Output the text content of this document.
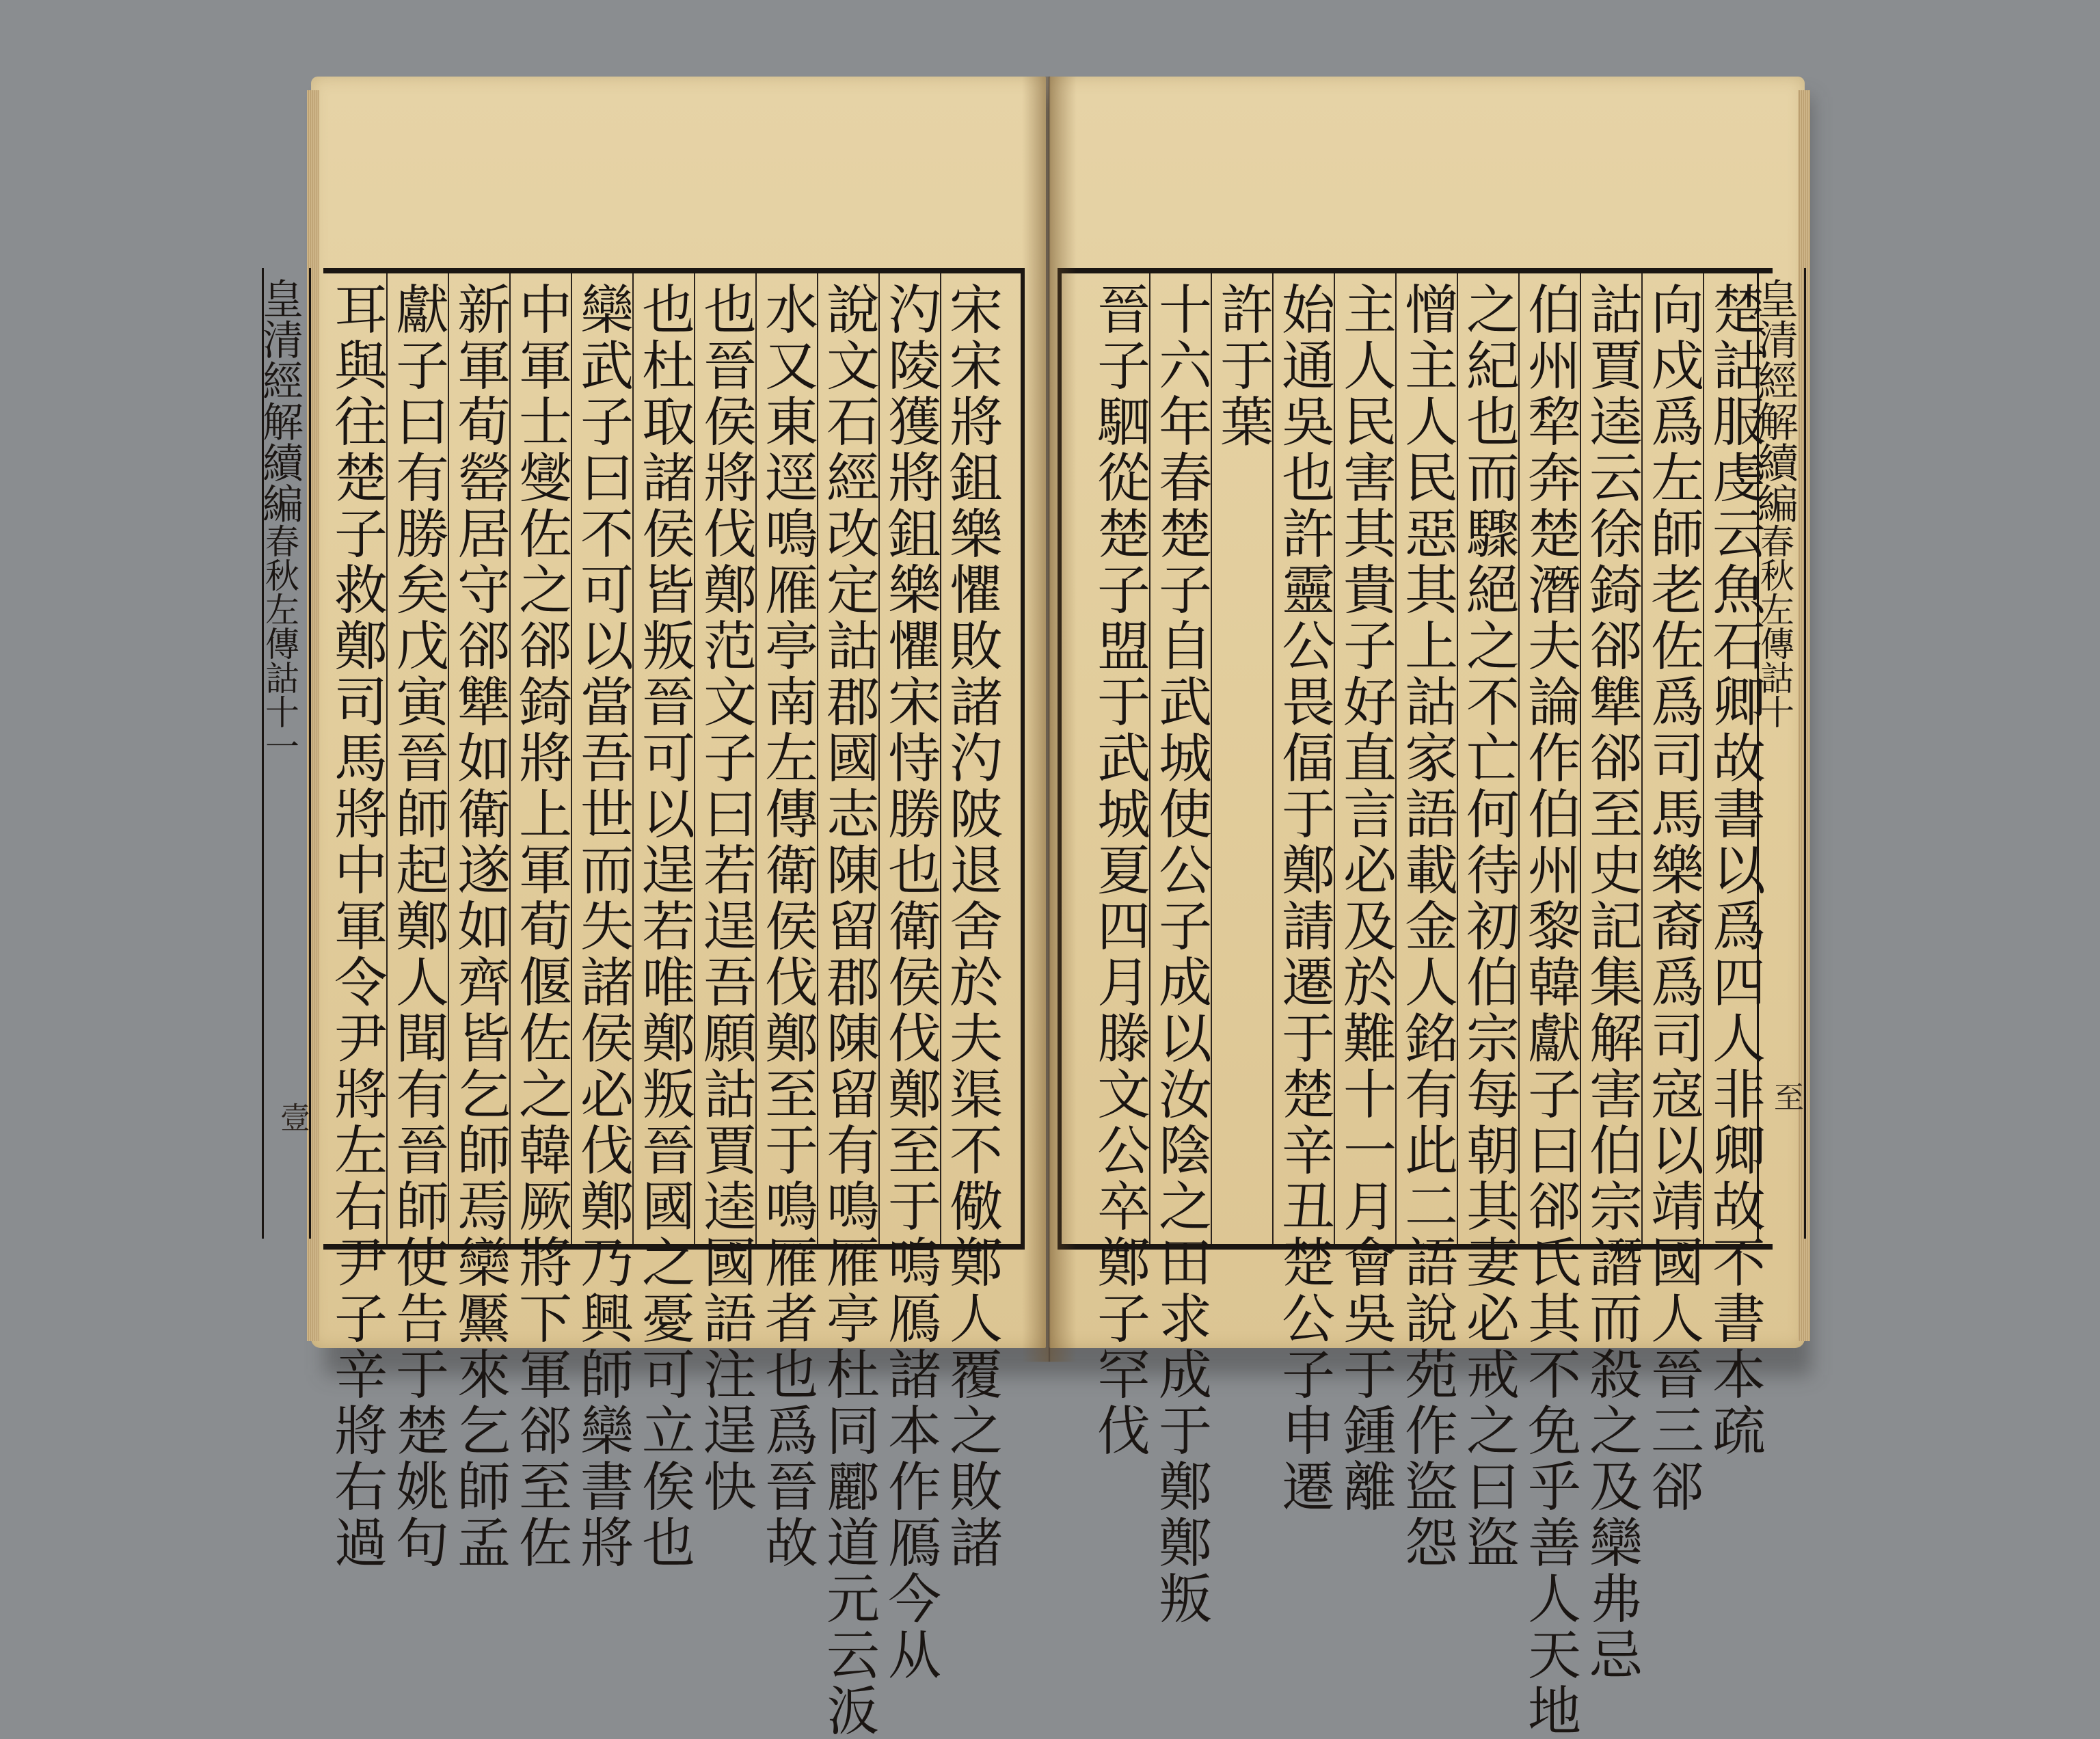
宋宋將鉏樂懼敗諸汋陂退舍於夫渠不儆鄭人覆之敗諸
汋陵獲將鉏樂懼宋恃勝也衛侯伐鄭至于鳴鴈諸本作鴈今从
說文石經改定詁郡國志陳留郡陳留有鳴雁亭杜同酈道元云汳
水又東逕鳴雁亭南左傳衛侯伐鄭至于鳴雁者也爲晉故
也晉侯將伐鄭范文子曰若逞吾願詁賈逵國語注逞快
也杜取諸侯皆叛晉可以逞若唯鄭叛晉國之憂可立俟也
欒武子曰不可以當吾世而失諸侯必伐鄭乃興師欒書將
中軍士燮佐之郤錡將上軍荀偃佐之韓厥將下軍郤至佐
新軍荀罃居守郤犨如衛遂如齊皆乞師焉欒黶來乞師孟
獻子曰有勝矣戊寅晉師起鄭人聞有晉師使告于楚姚句
耳與往楚子救鄭司馬將中軍令尹將左右尹子辛將右過
皇清經解續編春秋左傳詁十一
壹	楚詁服虔云魚石卿故書以爲四人非卿故不書本疏
向戍爲左師老佐爲司馬樂裔爲司寇以靖國人晉三郤
詁賈逵云徐錡郤犨郤至史記集解害伯宗譖而殺之及欒弗忌
伯州犂奔楚潛夫論作伯州黎韓獻子曰郤氏其不免乎善人天地
之紀也而驟絕之不亡何待初伯宗每朝其妻必戒之曰盜
憎主人民惡其上詁家語載金人銘有此二語說苑作盜怨
主人民害其貴子好直言必及於難十一月會吳于鍾離
始通吳也許靈公畏偪于鄭請遷于楚辛丑楚公子申遷
許于葉
十六年春楚子自武城使公子成以汝陰之田求成于鄭鄭叛
晉子駟從楚子盟于武城夏四月滕文公卒鄭子罕伐	皇清經解續編春秋左傳詁十
至
